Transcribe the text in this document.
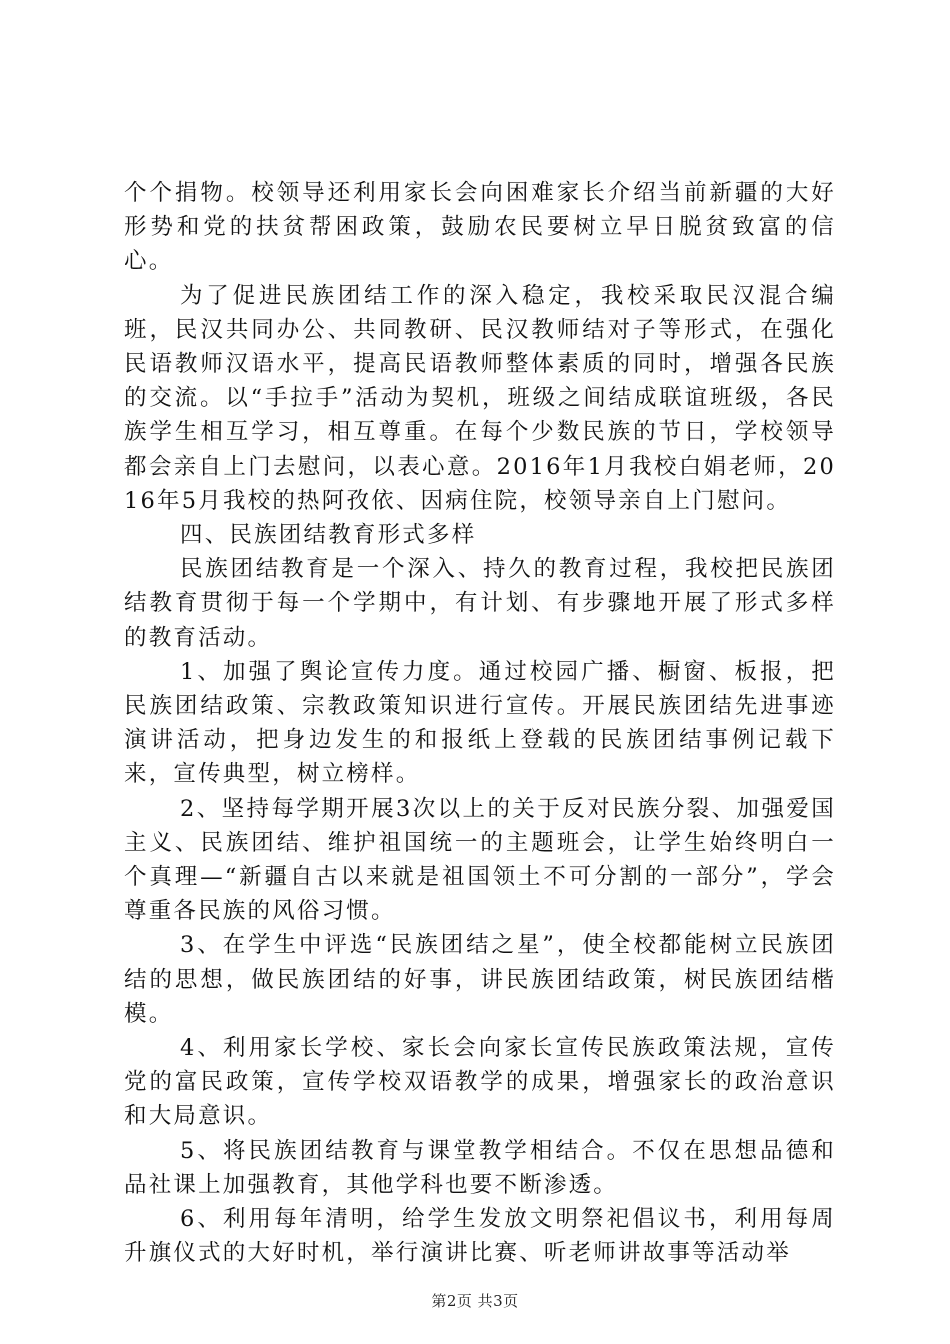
个个捐物。校领导还利用家长会向困难家长介绍当前新疆的大好形势和党的扶贫帮困政策，鼓励农民要树立早日脱贫致富的信心。

为了促进民族团结工作的深入稳定，我校采取民汉混合编班，民汉共同办公、共同教研、民汉教师结对子等形式，在强化民语教师汉语水平，提高民语教师整体素质的同时，增强各民族的交流。以“手拉手”活动为契机，班级之间结成联谊班级，各民族学生相互学习，相互尊重。在每个少数民族的节日，学校领导都会亲自上门去慰问，以表心意。2016年1月我校白娟老师，2016年5月我校的热阿孜依、因病住院，校领导亲自上门慰问。

四、民族团结教育形式多样

民族团结教育是一个深入、持久的教育过程，我校把民族团结教育贯彻于每一个学期中，有计划、有步骤地开展了形式多样的教育活动。

1、加强了舆论宣传力度。通过校园广播、橱窗、板报，把民族团结政策、宗教政策知识进行宣传。开展民族团结先进事迹演讲活动，把身边发生的和报纸上登载的民族团结事例记载下来，宣传典型，树立榜样。

2、坚持每学期开展3次以上的关于反对民族分裂、加强爱国主义、民族团结、维护祖国统一的主题班会，让学生始终明白一个真理—“新疆自古以来就是祖国领土不可分割的一部分”，学会尊重各民族的风俗习惯。

3、在学生中评选“民族团结之星”，使全校都能树立民族团结的思想，做民族团结的好事，讲民族团结政策，树民族团结楷模。

4、利用家长学校、家长会向家长宣传民族政策法规，宣传党的富民政策，宣传学校双语教学的成果，增强家长的政治意识和大局意识。

5、将民族团结教育与课堂教学相结合。不仅在思想品德和品社课上加强教育，其他学科也要不断渗透。

6、利用每年清明，给学生发放文明祭祀倡议书，利用每周升旗仪式的大好时机，举行演讲比赛、听老师讲故事等活动举

第2页 共3页
